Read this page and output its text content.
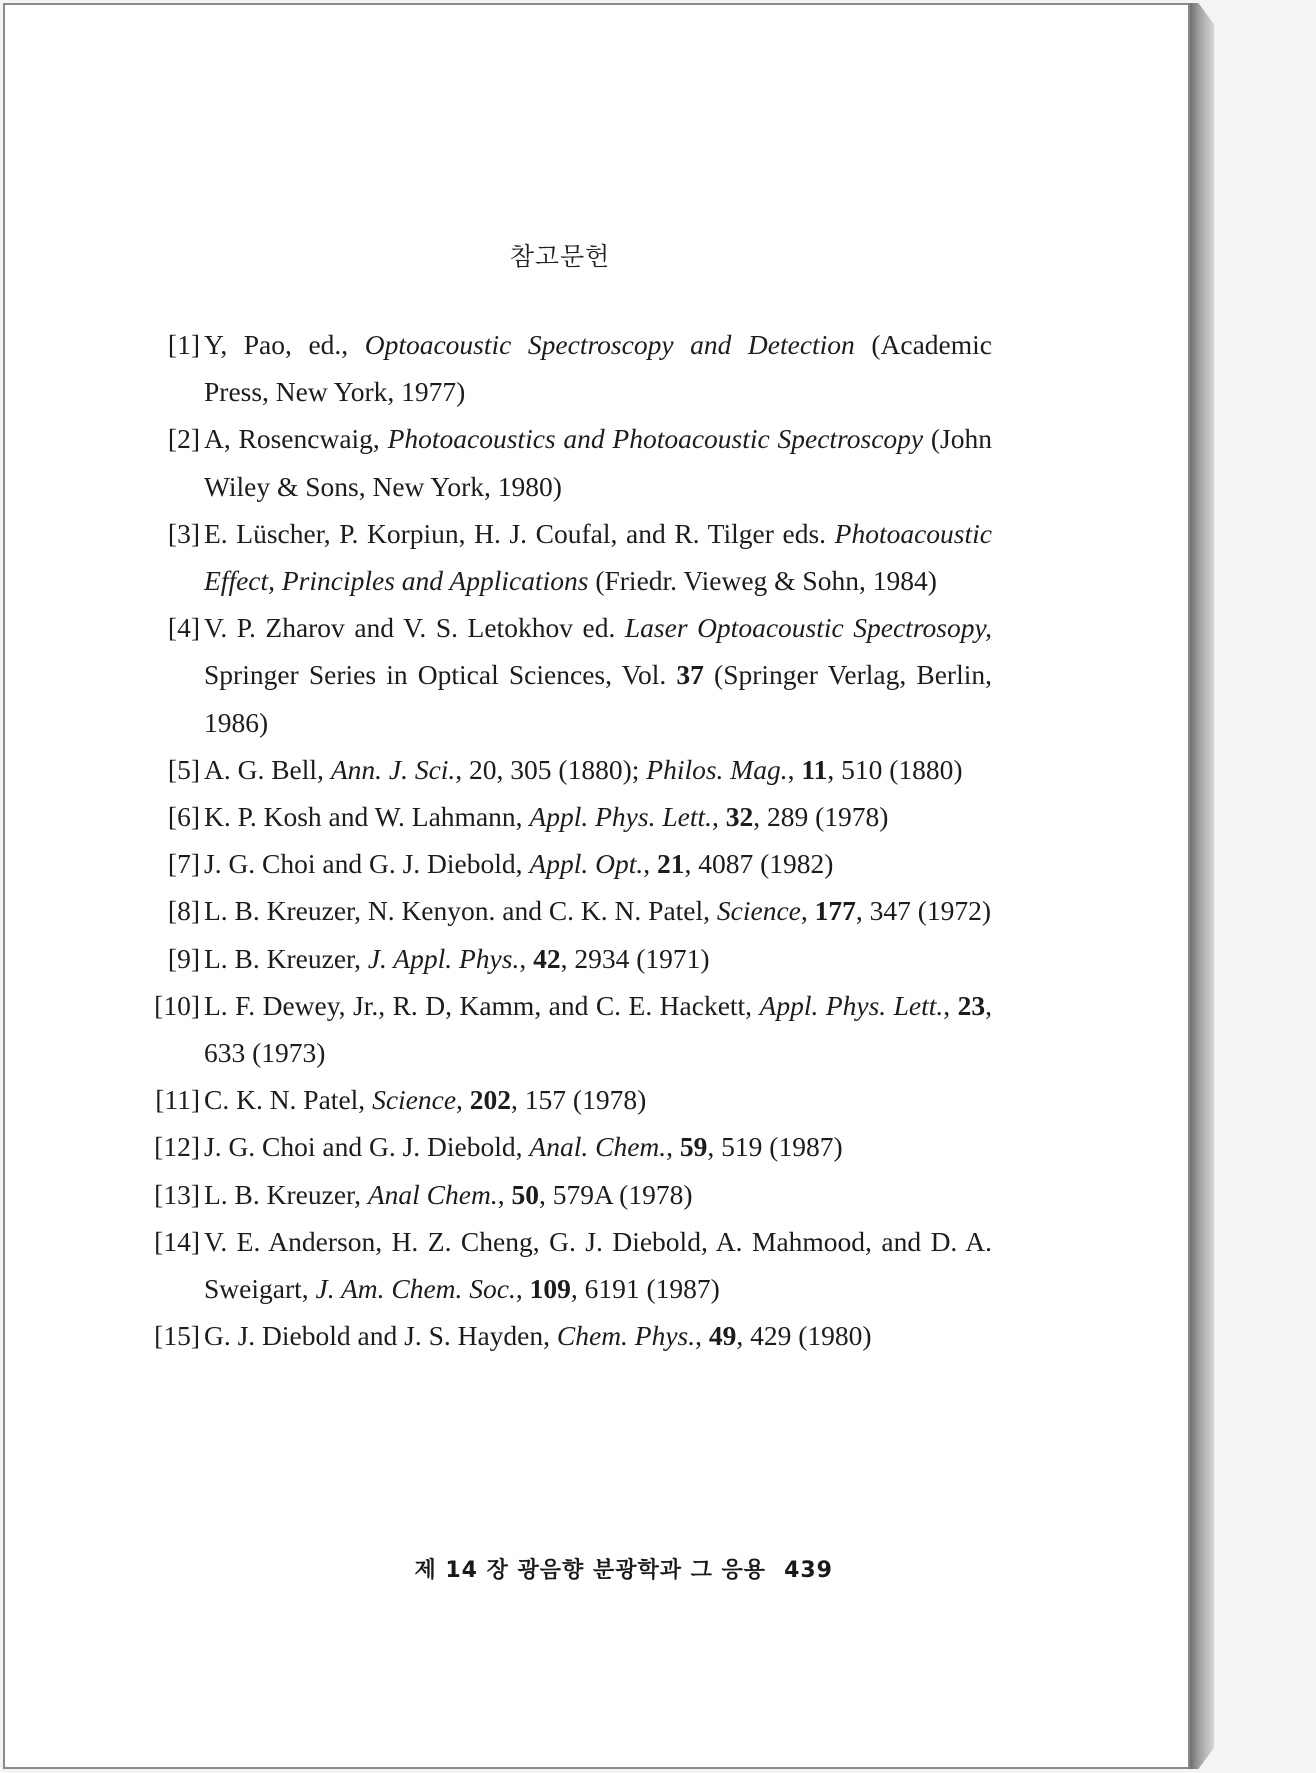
참고문헌
[1] Y, Pao, ed., Optoacoustic Spectroscopy and Detection (Academic Press, New York, 1977)
[2] A, Rosencwaig, Photoacoustics and Photoacoustic Spectroscopy (John Wiley & Sons, New York, 1980)
[3] E. Lüscher, P. Korpiun, H. J. Coufal, and R. Tilger eds. Photoacoustic Effect, Principles and Applications (Friedr. Vieweg & Sohn, 1984)
[4] V. P. Zharov and V. S. Letokhov ed. Laser Optoacoustic Spectrosopy, Springer Series in Optical Sciences, Vol. 37 (Springer Verlag, Berlin, 1986)
[5] A. G. Bell, Ann. J. Sci., 20, 305 (1880); Philos. Mag., 11, 510 (1880)
[6] K. P. Kosh and W. Lahmann, Appl. Phys. Lett., 32, 289 (1978)
[7] J. G. Choi and G. J. Diebold, Appl. Opt., 21, 4087 (1982)
[8] L. B. Kreuzer, N. Kenyon. and C. K. N. Patel, Science, 177, 347 (1972)
[9] L. B. Kreuzer, J. Appl. Phys., 42, 2934 (1971)
[10] L. F. Dewey, Jr., R. D, Kamm, and C. E. Hackett, Appl. Phys. Lett., 23, 633 (1973)
[11] C. K. N. Patel, Science, 202, 157 (1978)
[12] J. G. Choi and G. J. Diebold, Anal. Chem., 59, 519 (1987)
[13] L. B. Kreuzer, Anal Chem., 50, 579A (1978)
[14] V. E. Anderson, H. Z. Cheng, G. J. Diebold, A. Mahmood, and D. A. Sweigart, J. Am. Chem. Soc., 109, 6191 (1987)
[15] G. J. Diebold and J. S. Hayden, Chem. Phys., 49, 429 (1980)
제 14 장 광음향 분광학과 그 응용 439
